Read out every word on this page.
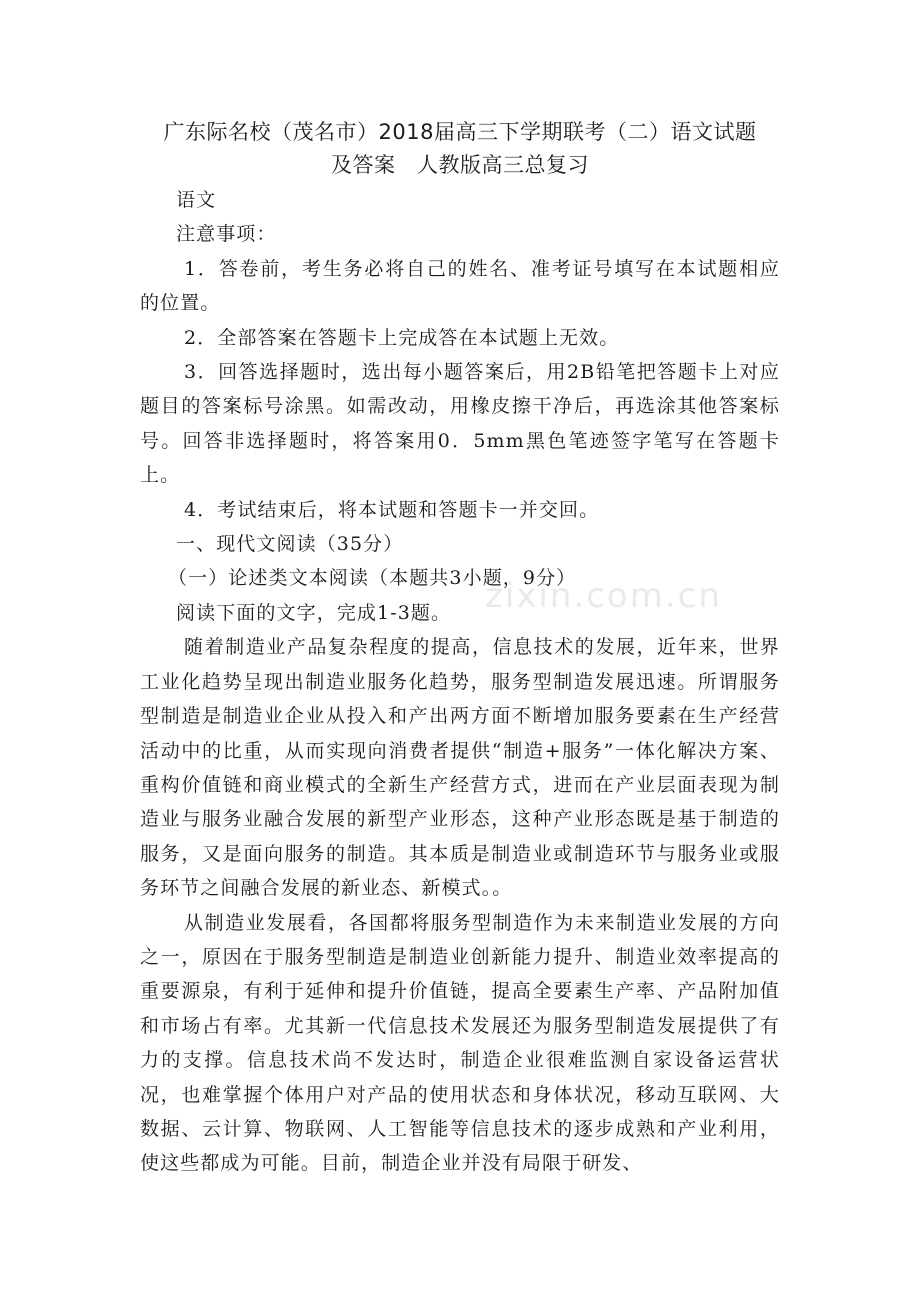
广东际名校（茂名市）2018届高三下学期联考（二）语文试题
及答案　人教版高三总复习

语文

注意事项：

1．答卷前，考生务必将自己的姓名、准考证号填写在本试题相应的位置。

2．全部答案在答题卡上完成答在本试题上无效。

3．回答选择题时，选出每小题答案后，用2B铅笔把答题卡上对应题目的答案标号涂黑。如需改动，用橡皮擦干净后，再选涂其他答案标号。回答非选择题时，将答案用0．5mm黑色笔迹签字笔写在答题卡上。

4．考试结束后，将本试题和答题卡一并交回。

一、现代文阅读（35分）

（一）论述类文本阅读（本题共3小题，9分）

阅读下面的文字，完成1-3题。

随着制造业产品复杂程度的提高，信息技术的发展，近年来，世界工业化趋势呈现出制造业服务化趋势，服务型制造发展迅速。所谓服务型制造是制造业企业从投入和产出两方面不断增加服务要素在生产经营活动中的比重，从而实现向消费者提供“制造+服务”一体化解决方案、重构价值链和商业模式的全新生产经营方式，进而在产业层面表现为制造业与服务业融合发展的新型产业形态，这种产业形态既是基于制造的服务，又是面向服务的制造。其本质是制造业或制造环节与服务业或服务环节之间融合发展的新业态、新模式。。

从制造业发展看，各国都将服务型制造作为未来制造业发展的方向之一，原因在于服务型制造是制造业创新能力提升、制造业效率提高的重要源泉，有利于延伸和提升价值链，提高全要素生产率、产品附加值和市场占有率。尤其新一代信息技术发展还为服务型制造发展提供了有力的支撑。信息技术尚不发达时，制造企业很难监测自家设备运营状况，也难掌握个体用户对产品的使用状态和身体状况，移动互联网、大数据、云计算、物联网、人工智能等信息技术的逐步成熟和产业利用，使这些都成为可能。目前，制造企业并没有局限于研发、

zixin.com.cn
